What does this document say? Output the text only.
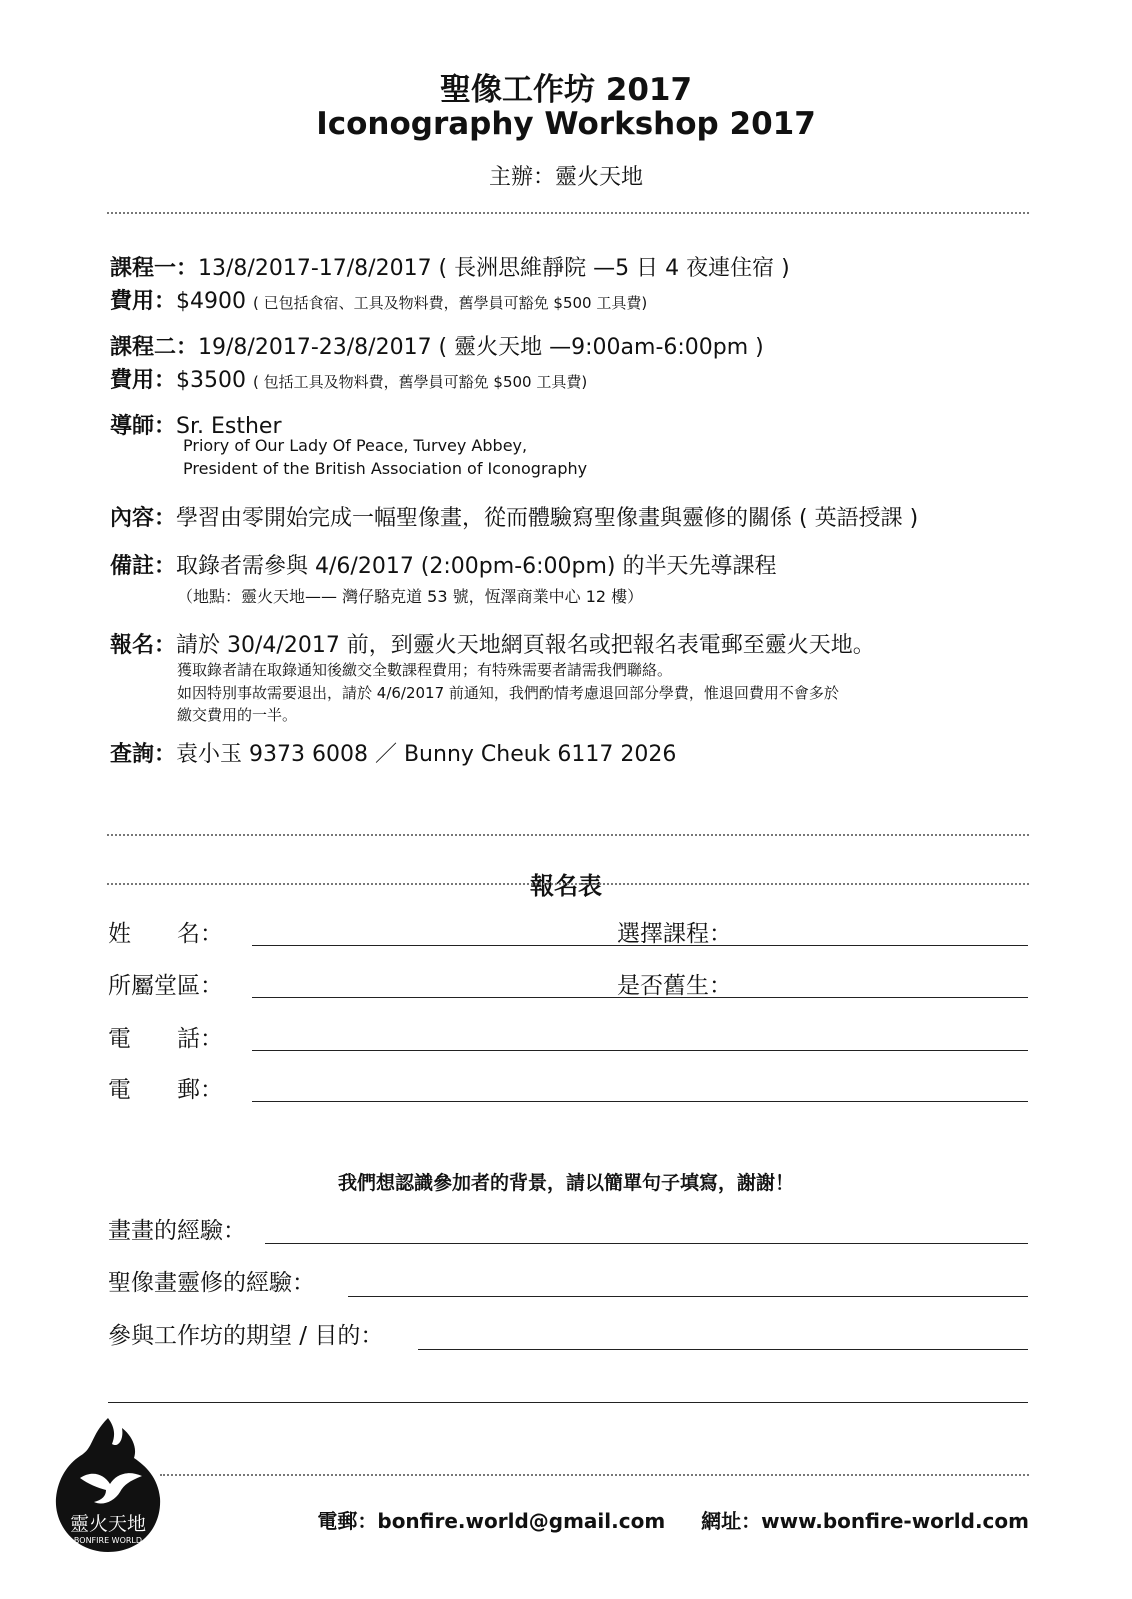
聖像工作坊 2017
Iconography Workshop 2017
主辦：靈火天地
課程一：13/8/2017-17/8/2017 ( 長洲思維靜院 —5 日 4 夜連住宿 )
費用：$4900 ( 已包括食宿、工具及物料費，舊學員可豁免 $500 工具費)
課程二：19/8/2017-23/8/2017 ( 靈火天地 —9:00am-6:00pm )
費用：$3500 ( 包括工具及物料費，舊學員可豁免 $500 工具費)
導師：Sr. Esther
Priory of Our Lady Of Peace, Turvey Abbey,
President of the British Association of Iconography
內容：學習由零開始完成一幅聖像畫，從而體驗寫聖像畫與靈修的關係 ( 英語授課 )
備註：取錄者需參與 4/6/2017 (2:00pm-6:00pm) 的半天先導課程
（地點：靈火天地—— 灣仔駱克道 53 號，恆澤商業中心 12 樓）
報名：請於 30/4/2017 前，到靈火天地網頁報名或把報名表電郵至靈火天地。
獲取錄者請在取錄通知後繳交全數課程費用；有特殊需要者請需我們聯絡。
如因特別事故需要退出，請於 4/6/2017 前通知，我們酌情考慮退回部分學費，惟退回費用不會多於
繳交費用的一半。
查詢：袁小玉 9373 6008 ／ Bunny Cheuk 6117 2026
報名表
姓　　名：	選擇課程：
所屬堂區：	是否舊生：
電　　話：
電　　郵：
我們想認識參加者的背景，請以簡單句子填寫，謝謝！
畫畫的經驗：
聖像畫靈修的經驗：
參與工作坊的期望 / 目的：
靈火天地
BONFIRE WORLD
電郵：bonfire.world@gmail.com 網址：www.bonfire-world.com
